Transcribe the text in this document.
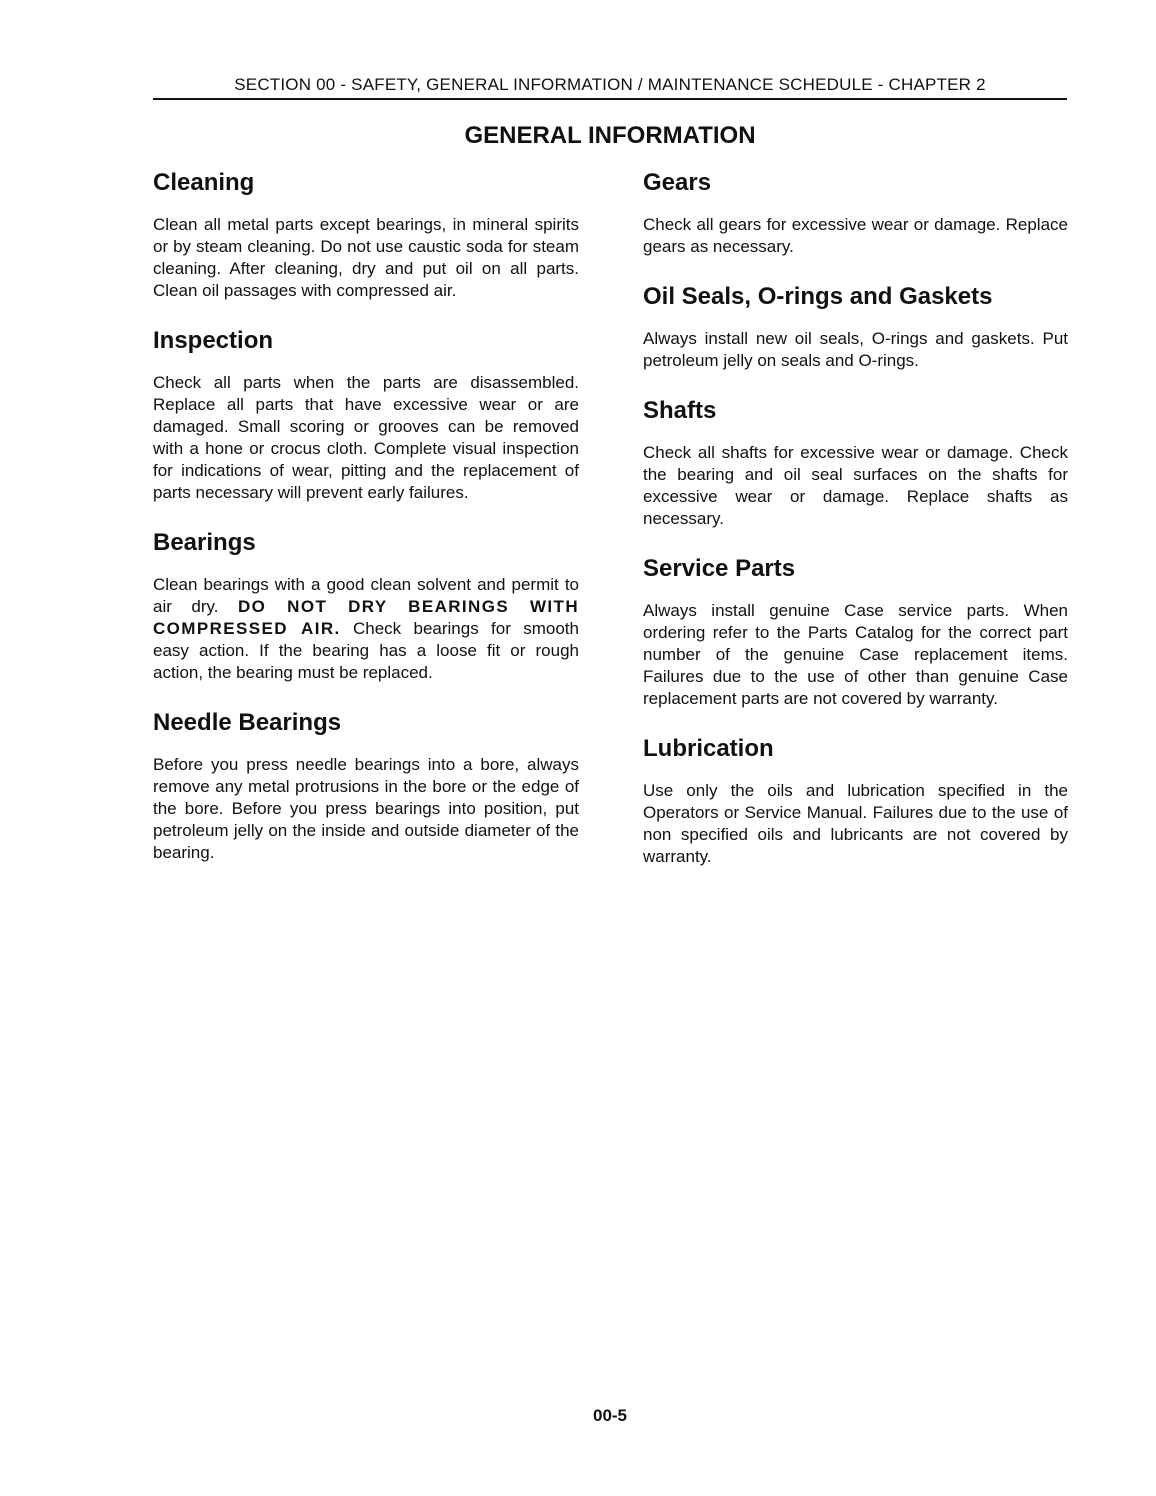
SECTION 00 - SAFETY, GENERAL INFORMATION / MAINTENANCE SCHEDULE - CHAPTER 2
GENERAL INFORMATION
Cleaning

Clean all metal parts except bearings, in mineral spirits or by steam cleaning. Do not use caustic soda for steam cleaning. After cleaning, dry and put oil on all parts. Clean oil passages with compressed air.

Inspection

Check all parts when the parts are disassembled. Replace all parts that have excessive wear or are damaged. Small scoring or grooves can be removed with a hone or crocus cloth. Complete visual inspection for indications of wear, pitting and the replacement of parts necessary will prevent early failures.

Bearings

Clean bearings with a good clean solvent and permit to air dry. DO NOT DRY BEARINGS WITH COMPRESSED AIR. Check bearings for smooth easy action. If the bearing has a loose fit or rough action, the bearing must be replaced.

Needle Bearings

Before you press needle bearings into a bore, always remove any metal protrusions in the bore or the edge of the bore. Before you press bearings into position, put petroleum jelly on the inside and outside diameter of the bearing.

Gears

Check all gears for excessive wear or damage. Replace gears as necessary.

Oil Seals, O-rings and Gaskets

Always install new oil seals, O-rings and gaskets. Put petroleum jelly on seals and O-rings.

Shafts

Check all shafts for excessive wear or damage. Check the bearing and oil seal surfaces on the shafts for excessive wear or damage. Replace shafts as necessary.

Service Parts

Always install genuine Case service parts. When ordering refer to the Parts Catalog for the correct part number of the genuine Case replacement items. Failures due to the use of other than genuine Case replacement parts are not covered by warranty.

Lubrication

Use only the oils and lubrication specified in the Operators or Service Manual. Failures due to the use of non specified oils and lubricants are not covered by warranty.

00-5
